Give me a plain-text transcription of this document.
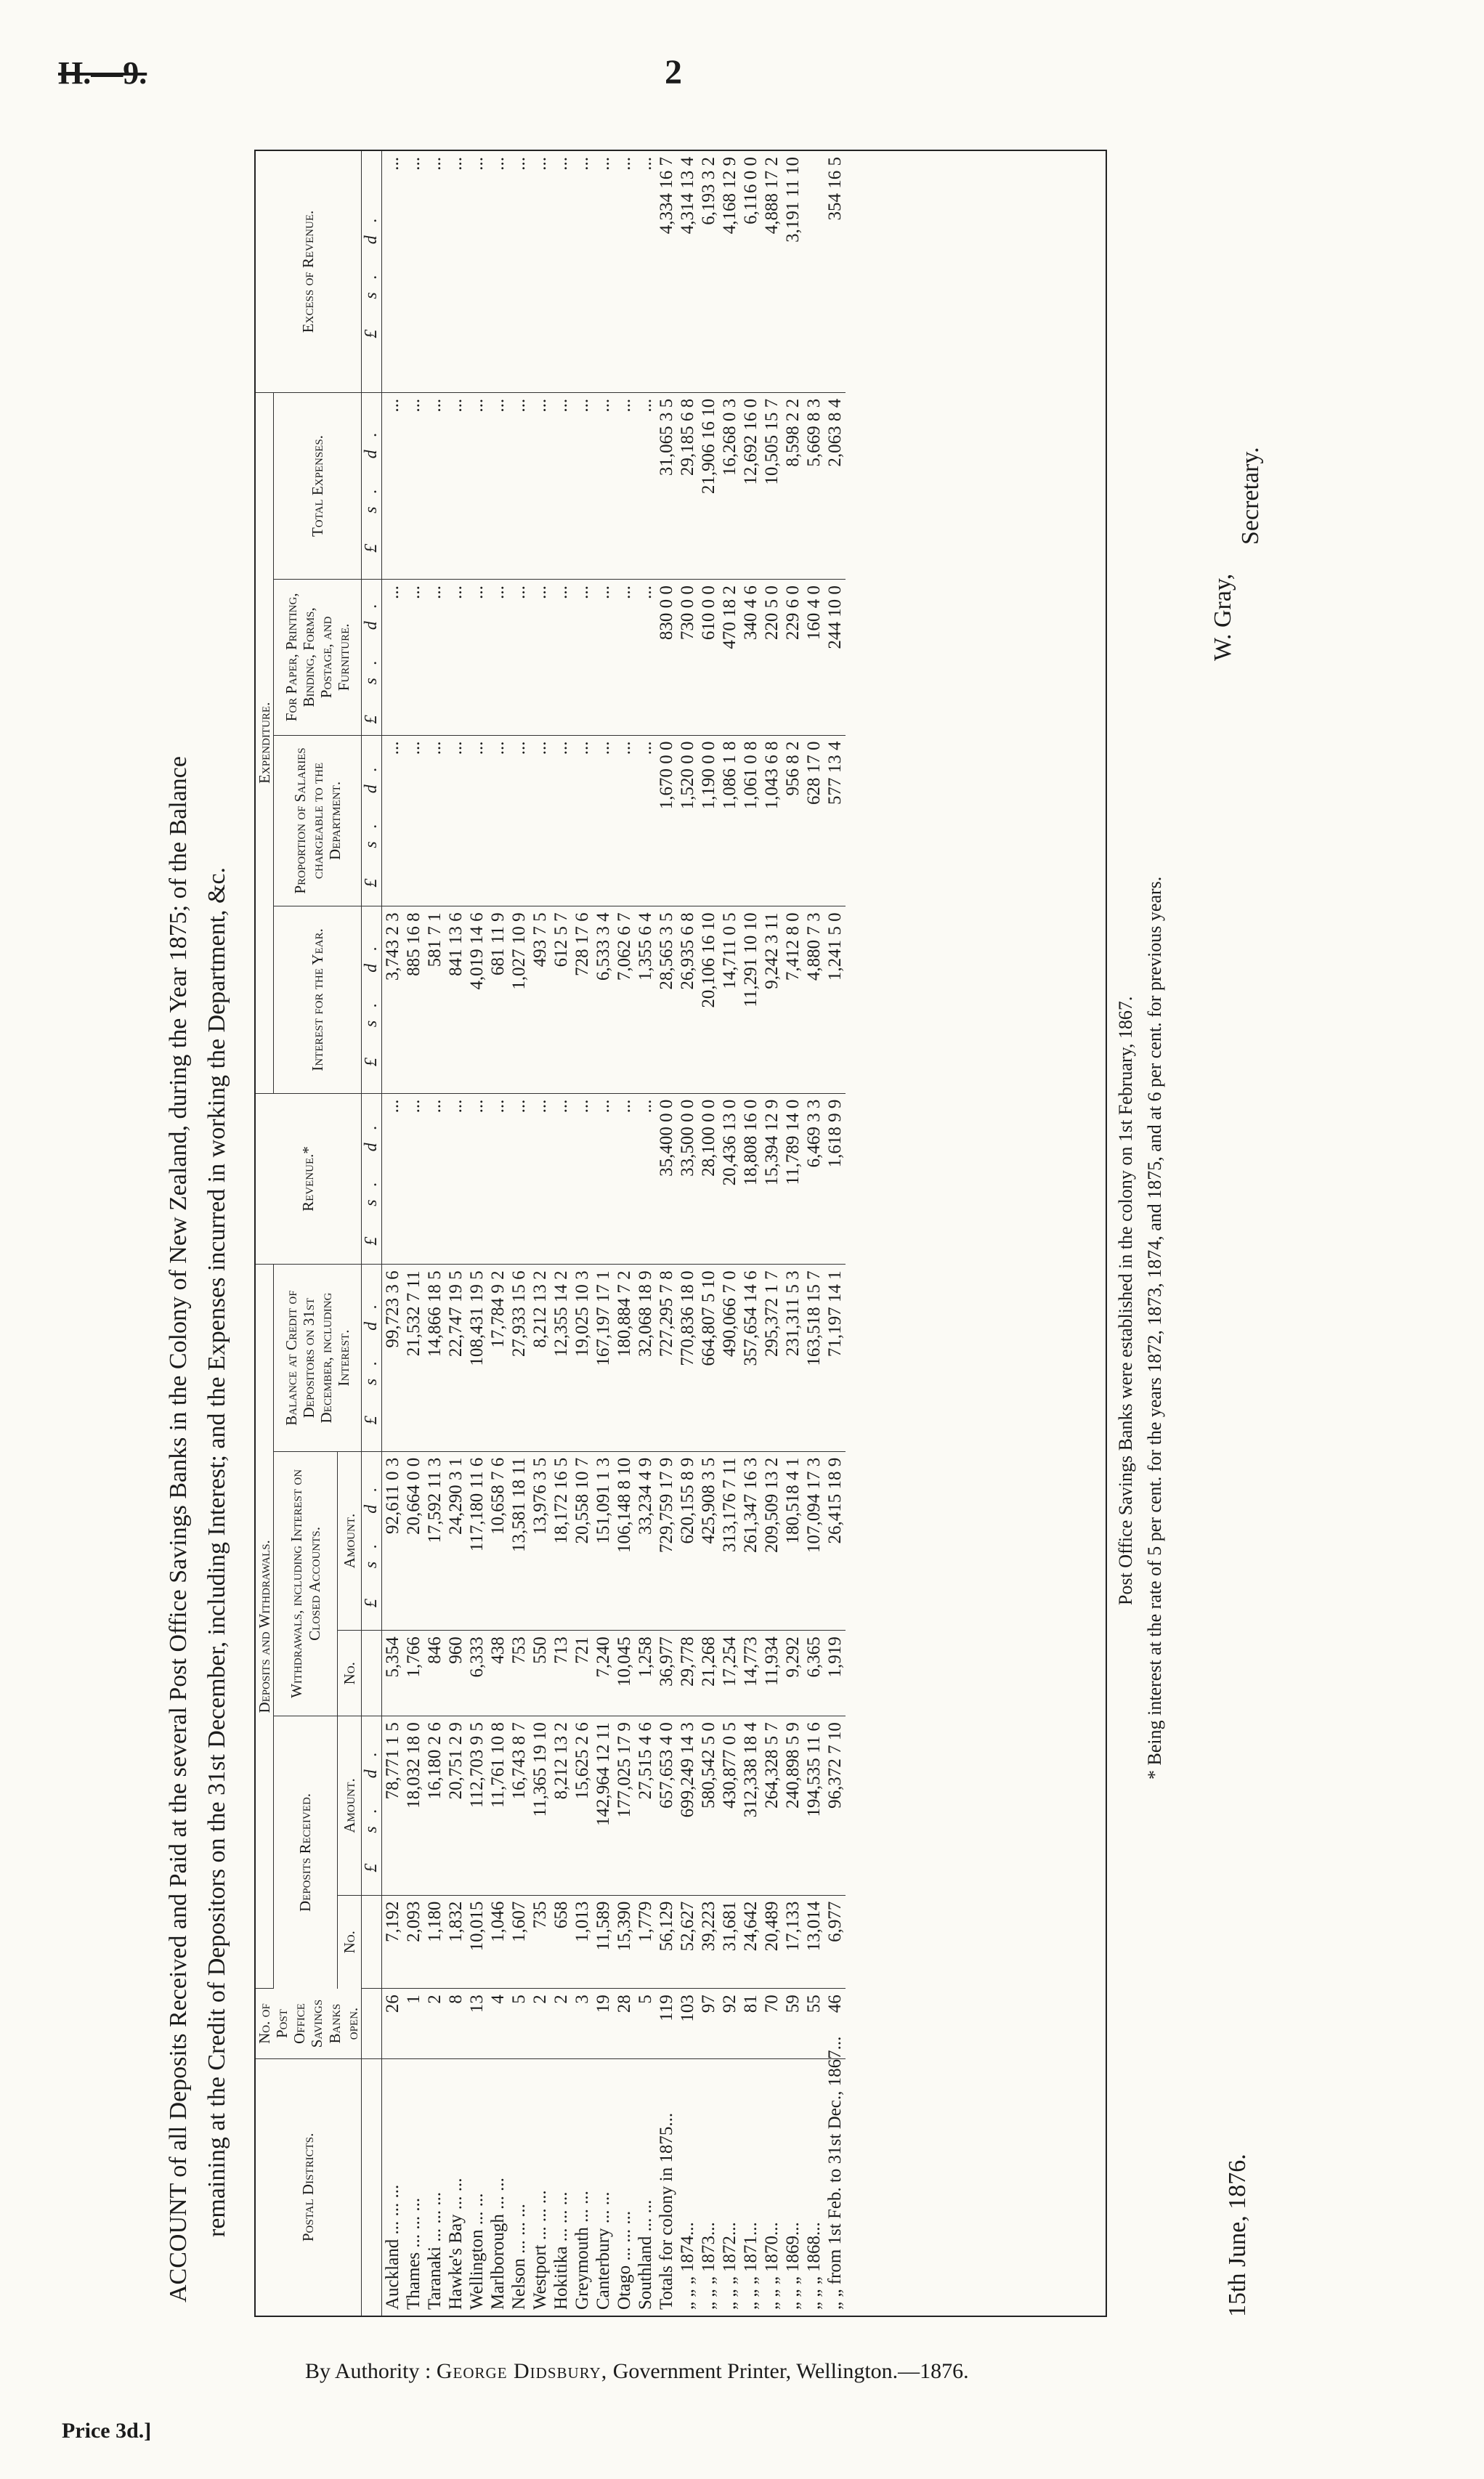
H.—9.	2
ACCOUNT of all Deposits Received and Paid at the several Post Office Savings Banks in the Colony of New Zealand, during the Year 1875; of the Balance remaining at the Credit of Depositors on the 31st December, including Interest; and the Expenses incurred in working the Department, &c.	Postal Districts.	No. of Post Office Savings Banks open.	Deposits and Withdrawals.					Revenue.*	Expenditure.				Excess of Revenue.
		Deposits Received.		Withdrawals, including Interest on Closed Accounts.		Balance at Credit of Depositors on 31st December, including Interest.		Interest for the Year.	Proportion of Salaries chargeable to the Department.	For Paper, Printing, Binding, Forms, Postage, and Furniture.	Total Expenses.	
		No.	Amount.	No.	Amount.							
			£ s. d.		£ s. d.	£ s. d.	£ s. d.	£ s. d.	£ s. d.	£ s. d.	£ s. d.	£ s. d.
Auckland ... ... ...	26	7,192	78,771 1 5	5,354	92,611 0 3	99,723 3 6	...	3,743 2 3	...	...	...	...
Thames ... ... ...	1	2,093	18,032 18 0	1,766	20,664 0 0	21,532 7 11	...	885 16 8	...	...	...	...
Taranaki ... ... ...	2	1,180	16,180 2 6	846	17,592 11 3	14,866 18 5	...	581 7 1	...	...	...	...
Hawke's Bay ... ...	8	1,832	20,751 2 9	960	24,290 3 1	22,747 19 5	...	841 13 6	...	...	...	...
Wellington ... ...	13	10,015	112,703 9 5	6,333	117,180 11 6	108,431 19 5	...	4,019 14 6	...	...	...	...
Marlborough ... ...	4	1,046	11,761 10 8	438	10,658 7 6	17,784 9 2	...	681 11 9	...	...	...	...
Nelson ... ... ...	5	1,607	16,743 8 7	753	13,581 18 11	27,933 15 6	...	1,027 10 9	...	...	...	...
Westport ... ... ...	2	735	11,365 19 10	550	13,976 3 5	8,212 13 2	...	493 7 5	...	...	...	...
Hokitika ... ... ...	2	658	8,212 13 2	713	18,172 16 5	12,355 14 2	...	612 5 7	...	...	...	...
Greymouth ... ...	3	1,013	15,625 2 6	721	20,558 10 7	19,025 10 3	...	728 17 6	...	...	...	...
Canterbury ... ...	19	11,589	142,964 12 11	7,240	151,091 1 3	167,197 17 1	...	6,533 3 4	...	...	...	...
Otago ... ... ...	28	15,390	177,025 17 9	10,045	106,148 8 10	180,884 7 2	...	7,062 6 7	...	...	...	...
Southland ... ...	5	1,779	27,515 4 6	1,258	33,234 4 9	32,068 18 9	...	1,355 6 4	...	...	...	...
Totals for colony in 1875...	119	56,129	657,653 4 0	36,977	729,759 17 9	727,295 7 8	35,400 0 0	28,565 3 5	1,670 0 0	830 0 0	31,065 3 5	4,334 16 7
„ „ „ 1874...	103	52,627	699,249 14 3	29,778	620,155 8 9	770,836 18 0	33,500 0 0	26,935 6 8	1,520 0 0	730 0 0	29,185 6 8	4,314 13 4
„ „ „ 1873...	97	39,223	580,542 5 0	21,268	425,908 3 5	664,807 5 10	28,100 0 0	20,106 16 10	1,190 0 0	610 0 0	21,906 16 10	6,193 3 2
„ „ „ 1872...	92	31,681	430,877 0 5	17,254	313,176 7 11	490,066 7 0	20,436 13 0	14,711 0 5	1,086 1 8	470 18 2	16,268 0 3	4,168 12 9
„ „ „ 1871...	81	24,642	312,338 18 4	14,773	261,347 16 3	357,654 14 6	18,808 16 0	11,291 10 10	1,061 0 8	340 4 6	12,692 16 0	6,116 0 0
„ „ „ 1870...	70	20,489	264,328 5 7	11,934	209,509 13 2	295,372 1 7	15,394 12 9	9,242 3 11	1,043 6 8	220 5 0	10,505 15 7	4,888 17 2
„ „ „ 1869...	59	17,133	240,898 5 9	9,292	180,518 4 1	231,311 5 3	11,789 14 0	7,412 8 0	956 8 2	229 6 0	8,598 2 2	3,191 11 10
„ „ „ 1868...	55	13,014	194,535 11 6	6,365	107,094 17 3	163,518 15 7	6,469 3 3	4,880 7 3	628 17 0	160 4 0	5,669 8 3	
„ „ from 1st Feb. to 31st Dec., 1867...	46	6,977	96,372 7 10	1,919	26,415 18 9	71,197 14 1	1,618 9 9	1,241 5 0	577 13 4	244 10 0	2,063 8 4	354 16 5
Post Office Savings Banks were established in the colony on 1st February, 1867. * Being interest at the rate of 5 per cent. for the years 1872, 1873, 1874, and 1875, and at 6 per cent. for previous years.
15th June, 1876.
W. Gray,
Secretary.
By Authority : George Didsbury, Government Printer, Wellington.—1876.
Price 3d.]
